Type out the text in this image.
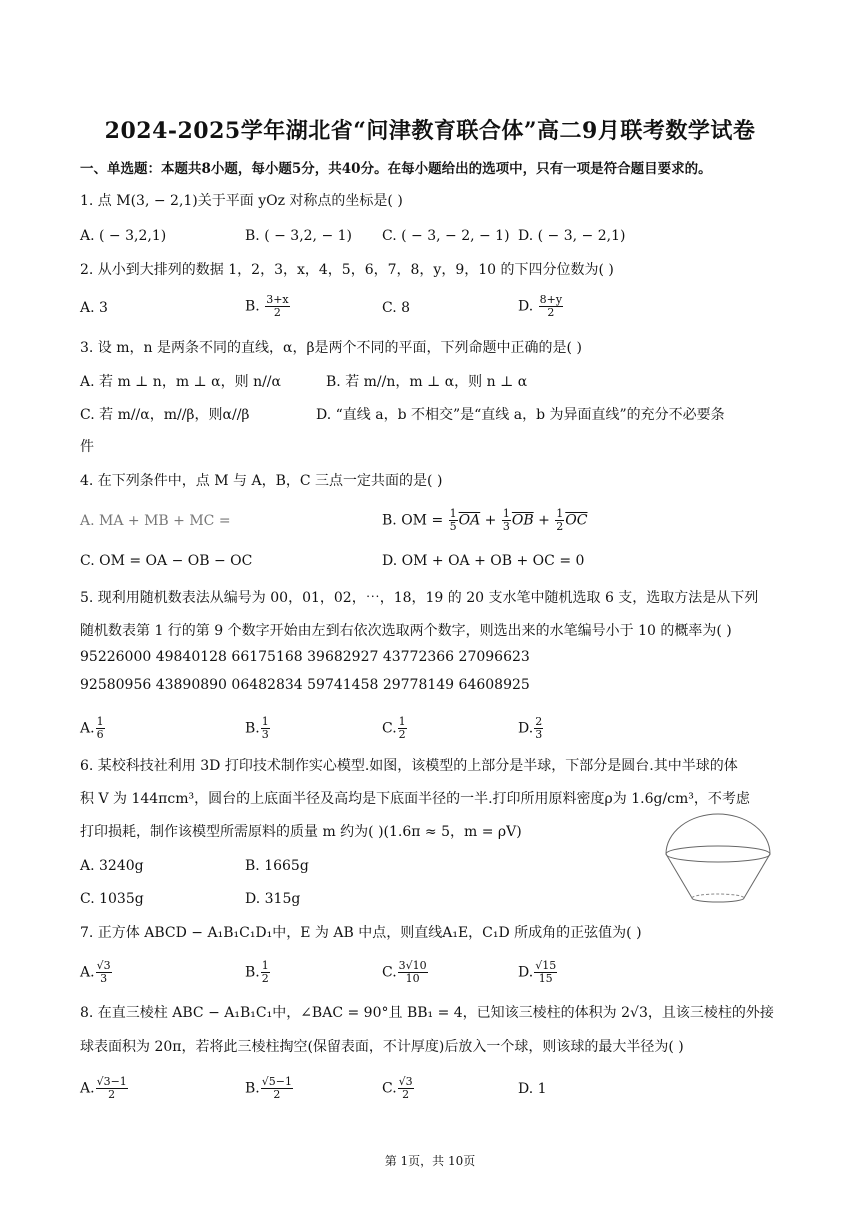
2024-2025学年湖北省“问津教育联合体”高二9月联考数学试卷
一、单选题：本题共8小题，每小题5分，共40分。在每小题给出的选项中，只有一项是符合题目要求的。
1. 点 M(3, − 2,1)关于平面 yOz 对称点的坐标是( )
A. ( − 3,2,1)	B. ( − 3,2, − 1) C. ( − 3, − 2, − 1) D. ( − 3, − 2,1)
2. 从小到大排列的数据 1，2，3，x，4，5，6，7，8，y，9，10 的下四分位数为( )
A. 3	B. $\frac{3+x}{2}$	C. 8	D. $\frac{8+y}{2}$
3. 设 m，n 是两条不同的直线，α，β是两个不同的平面，下列命题中正确的是( )
A. 若 m ⊥ n，m ⊥ α，则 n//α	B. 若 m//n，m ⊥ α，则 n ⊥ α
C. 若 m//α，m//β，则α//β	D. “直线 a，b 不相交”是“直线 a，b 为异面直线”的充分不必要条
件
4. 在下列条件中，点 M 与 A，B，C 三点一定共面的是( )
A. MA + MB + MC =	B. OM = $\frac{1}{5} \overline{OA} + \frac{1}{3} \overline{OB} + \frac{1}{2} \overline{OC}$
C. OM = OA − OB − OC	D. OM + OA + OB + OC = 0
5. 现利用随机数表法从编号为 00，01，02，⋯，18，19 的 20 支水笔中随机选取 6 支，选取方法是从下列
随机数表第 1 行的第 9 个数字开始由左到右依次选取两个数字，则选出来的水笔编号小于 10 的概率为( )
95226000 49840128 66175168 39682927 43772366 27096623
92580956 43890890 06482834 59741458 29778149 64608925
A. $\frac{1}{6}$	B. $\frac{1}{3}$	C. $\frac{1}{2}$	D. $\frac{2}{3}$
6. 某校科技社利用 3D 打印技术制作实心模型.如图，该模型的上部分是半球，下部分是圆台.其中半球的体
积 V 为 144πcm³，圆台的上底面半径及高均是下底面半径的一半.打印所用原料密度ρ为 1.6g/cm³，不考虑
打印损耗，制作该模型所需原料的质量 m 约为( )(1.6π ≈ 5，m = ρV)
A. 3240g	B. 1665g
C. 1035g	D. 315g
7. 正方体 ABCD − A₁B₁C₁D₁中，E 为 AB 中点，则直线A₁E，C₁D 所成角的正弦值为( )
A. $\frac{√3}{3}$	B. $\frac{1}{2}$	C. $\frac{3√10}{10}$	D. $\frac{√15}{15}$
8. 在直三棱柱 ABC − A₁B₁C₁中，∠BAC = 90°且 BB₁ = 4，已知该三棱柱的体积为 2√3，且该三棱柱的外接
球表面积为 20π，若将此三棱柱掏空(保留表面，不计厚度)后放入一个球，则该球的最大半径为( )
A. $\frac{√3-1}{2}$	B. $\frac{√5-1}{2}$	C. $\frac{√3}{2}$	D. 1
第 1页，共 10页
